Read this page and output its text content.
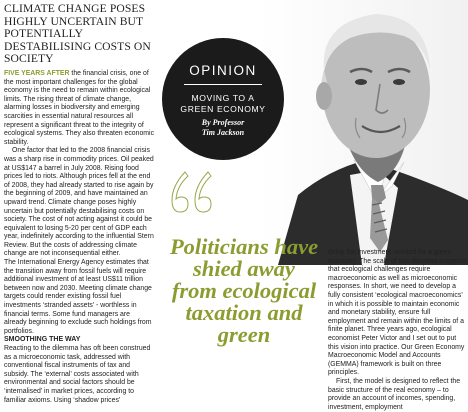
CLIMATE CHANGE POSES HIGHLY UNCERTAIN BUT POTENTIALLY DESTABILISING COSTS ON SOCIETY

FIVE YEARS AFTER the financial crisis, one of the most important challenges for the global economy is the need to remain within ecological limits. The rising threat of climate change, alarming losses in biodiversity and emerging scarcities in essential natural resources all represent a significant threat to the integrity of ecological systems. They also threaten economic stability.

One factor that led to the 2008 financial crisis was a sharp rise in commodity prices. Oil peaked at US$147 a barrel in July 2008. Rising food prices led to riots. Although prices fell at the end of 2008, they had already started to rise again by the beginning of 2009, and have maintained an upward trend. Climate change poses highly uncertain but potentially destabilising costs on society. The cost of not acting against it could be equivalent to losing 5-20 per cent of GDP each year, indefinitely according to the influential Stern Review. But the costs of addressing climate change are not inconsequential either.

The International Energy Agency estimates that the transition away from fossil fuels will require additional investment of at least US$11 trillion between now and 2030. Meeting climate change targets could render existing fossil fuel investments ‘stranded assets’ - worthless in financial terms. Some fund managers are already beginning to exclude such holdings from portfolios.

SMOOTHING THE WAY

Reacting to the dilemma has oft been construed as a microeconomic task, addressed with conventional fiscal instruments of tax and subsidy. The ‘external’ costs associated with environmental and social factors should be ‘internalised’ in market prices, according to familiar axioms. Using ‘shadow prices’

OPINION
MOVING TO A
GREEN ECONOMY
By Professor
Tim Jackson

Politicians have shied away from ecological taxation and green

delay the investment needed for a green economy. The scale of this dilemma suggests that ecological challenges require macroeconomic as well as microeconomic responses. In short, we need to develop a fully consistent ‘ecological macroeconomics’ in which it is possible to maintain economic and monetary stability, ensure full employment and remain within the limits of a finite planet. Three years ago, ecological economist Peter Victor and I set out to put this vision into practice. Our Green Economy Macroeconomic Model and Accounts (GEMMA) framework is built on three principles.

First, the model is designed to reflect the basic structure of the real economy – to provide an account of incomes, spending, investment, employment
